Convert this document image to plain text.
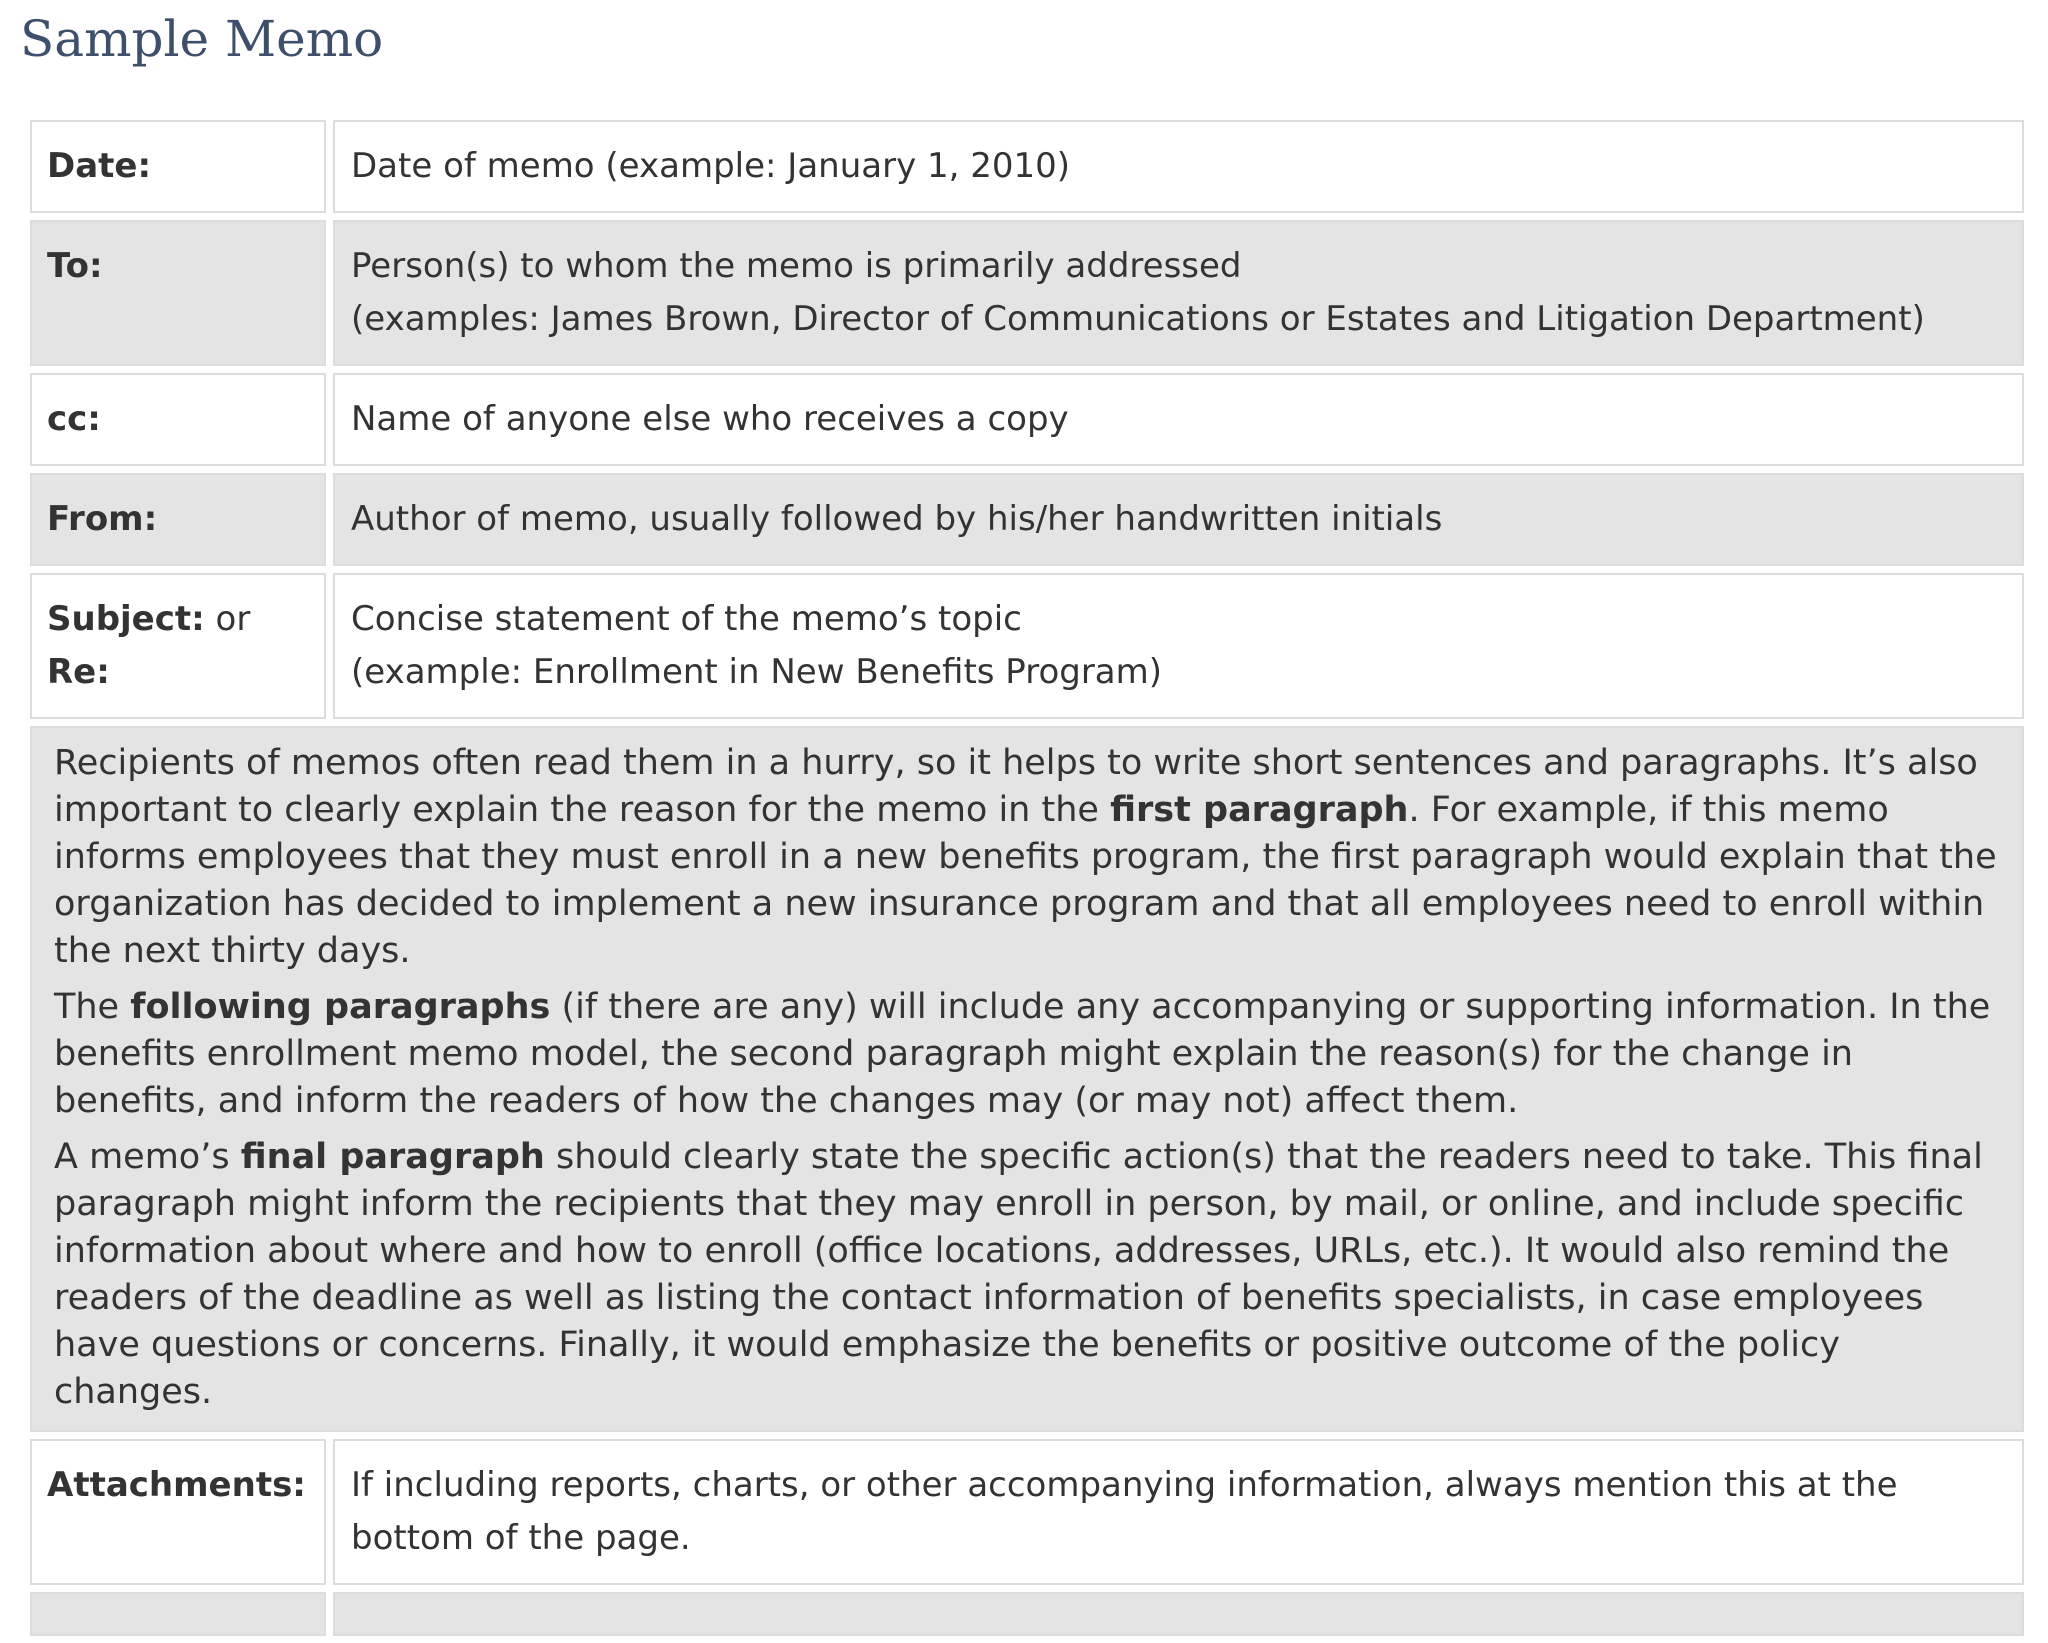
Sample Memo
Date:	Date of memo (example: January 1, 2010)
To:	Person(s) to whom the memo is primarily addressed
(examples: James Brown, Director of Communications or Estates and Litigation Department)
cc:	Name of anyone else who receives a copy
From:	Author of memo, usually followed by his/her handwritten initials
Subject: or
Re:	Concise statement of the memo’s topic
(example: Enrollment in New Benefits Program)

Recipients of memos often read them in a hurry, so it helps to write short sentences and paragraphs. It’s also important to clearly explain the reason for the memo in the first paragraph. For example, if this memo informs employees that they must enroll in a new benefits program, the first paragraph would explain that the organization has decided to implement a new insurance program and that all employees need to enroll within the next thirty days.

The following paragraphs (if there are any) will include any accompanying or supporting information. In the benefits enrollment memo model, the second paragraph might explain the reason(s) for the change in benefits, and inform the readers of how the changes may (or may not) affect them.

A memo’s final paragraph should clearly state the specific action(s) that the readers need to take. This final paragraph might inform the recipients that they may enroll in person, by mail, or online, and include specific information about where and how to enroll (office locations, addresses, URLs, etc.). It would also remind the readers of the deadline as well as listing the contact information of benefits specialists, in case employees have questions or concerns. Finally, it would emphasize the benefits or positive outcome of the policy changes.	

Attachments:	If including reports, charts, or other accompanying information, always mention this at the bottom of the page.
